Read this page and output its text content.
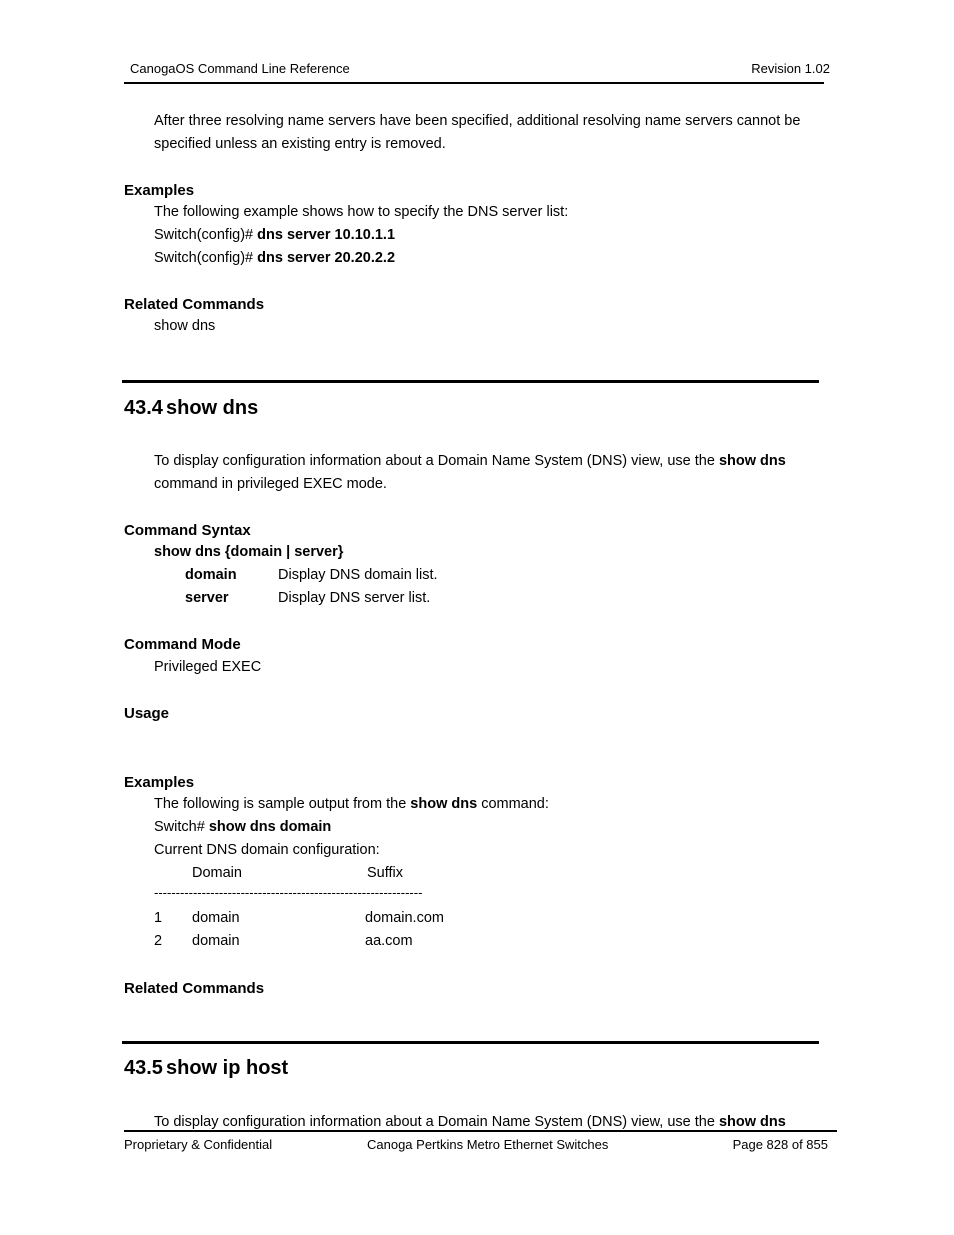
CanogaOS Command Line Reference	Revision 1.02
After three resolving name servers have been specified, additional resolving name servers cannot be specified unless an existing entry is removed.
Examples
The following example shows how to specify the DNS server list:
Switch(config)# dns server 10.10.1.1
Switch(config)# dns server 20.20.2.2
Related Commands
show dns
43.4 show dns
To display configuration information about a Domain Name System (DNS) view, use the show dns command in privileged EXEC mode.
Command Syntax
show dns {domain | server}
domain	Display DNS domain list.
server	Display DNS server list.
Command Mode
Privileged EXEC
Usage
Examples
The following is sample output from the show dns command:
Switch# show dns domain
Current DNS domain configuration:
Domain	Suffix
--------------------------------------------------------------
1 domain	domain.com
2 domain	aa.com
Related Commands
43.5 show ip host
To display configuration information about a Domain Name System (DNS) view, use the show dns
Proprietary & Confidential	Canoga Pertkins Metro Ethernet Switches	Page 828 of 855
